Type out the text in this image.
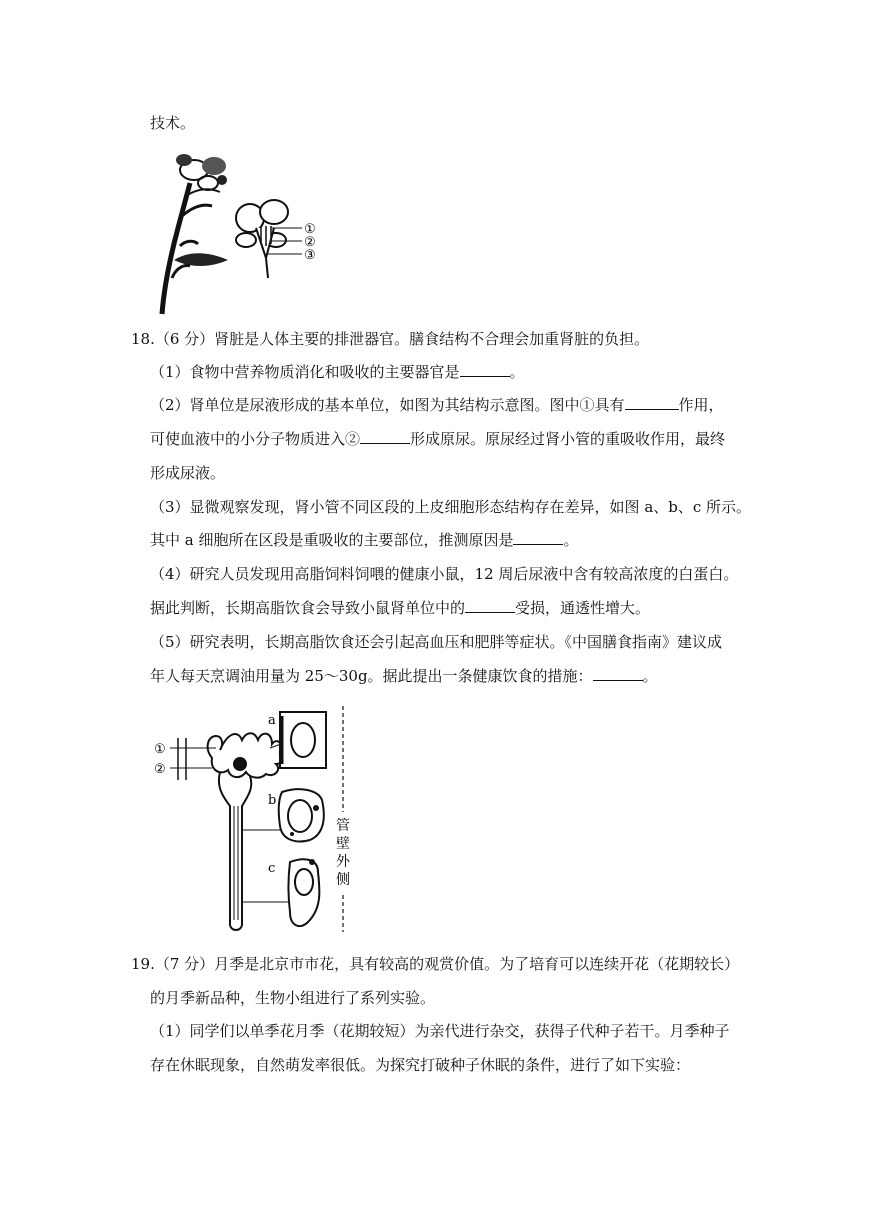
技术。
①
②
③
18.（6 分）肾脏是人体主要的排泄器官。膳食结构不合理会加重肾脏的负担。
（1）食物中营养物质消化和吸收的主要器官是	。
（2）肾单位是尿液形成的基本单位，如图为其结构示意图。图中①具有	作用，
可使血液中的小分子物质进入②	形成原尿。原尿经过肾小管的重吸收作用，最终
形成尿液。
（3）显微观察发现，肾小管不同区段的上皮细胞形态结构存在差异，如图 a、b、c 所示。
其中 a 细胞所在区段是重吸收的主要部位，推测原因是	。
（4）研究人员发现用高脂饲料饲喂的健康小鼠，12 周后尿液中含有较高浓度的白蛋白。
据此判断，长期高脂饮食会导致小鼠肾单位中的	受损，通透性增大。
（5）研究表明，长期高脂饮食还会引起高血压和肥胖等症状。《中国膳食指南》建议成
年人每天烹调油用量为 25～30g。据此提出一条健康饮食的措施：	。
①
②
a
b
c
管
壁
外
侧
19.（7 分）月季是北京市市花，具有较高的观赏价值。为了培育可以连续开花（花期较长）
的月季新品种，生物小组进行了系列实验。
（1）同学们以单季花月季（花期较短）为亲代进行杂交，获得子代种子若干。月季种子
存在休眠现象，自然萌发率很低。为探究打破种子休眠的条件，进行了如下实验：
